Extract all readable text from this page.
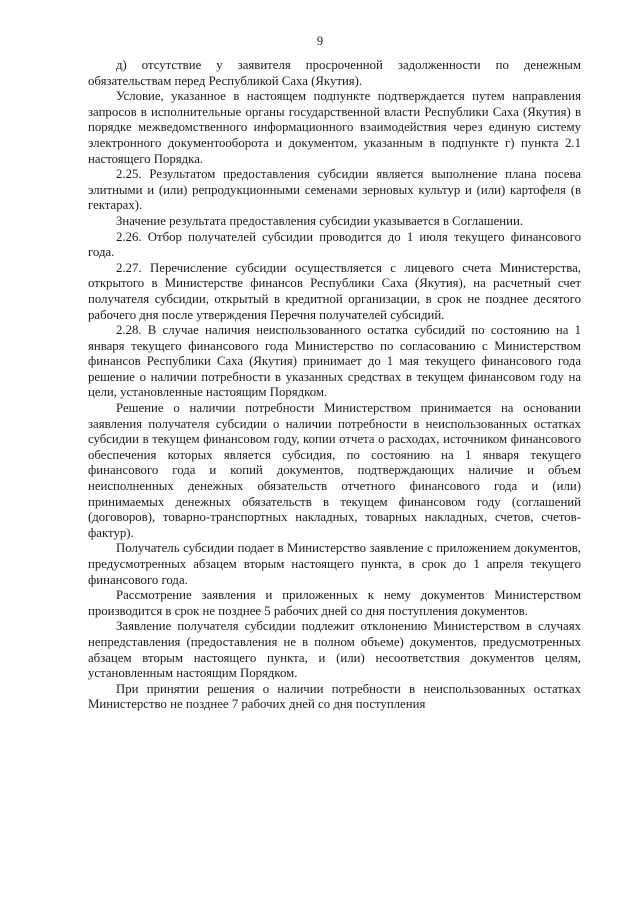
9

д) отсутствие у заявителя просроченной задолженности по денежным обязательствам перед Республикой Саха (Якутия).

Условие, указанное в настоящем подпункте подтверждается путем направления запросов в исполнительные органы государственной власти Республики Саха (Якутия) в порядке межведомственного информационного взаимодействия через единую систему электронного документооборота и документом, указанным в подпункте г) пункта 2.1 настоящего Порядка.

2.25. Результатом предоставления субсидии является выполнение плана посева элитными и (или) репродукционными семенами зерновых культур и (или) картофеля (в гектарах).

Значение результата предоставления субсидии указывается в Соглашении.

2.26. Отбор получателей субсидии проводится до 1 июля текущего финансового года.

2.27. Перечисление субсидии осуществляется с лицевого счета Министерства, открытого в Министерстве финансов Республики Саха (Якутия), на расчетный счет получателя субсидии, открытый в кредитной организации, в срок не позднее десятого рабочего дня после утверждения Перечня получателей субсидий.

2.28. В случае наличия неиспользованного остатка субсидий по состоянию на 1 января текущего финансового года Министерство по согласованию с Министерством финансов Республики Саха (Якутия) принимает до 1 мая текущего финансового года решение о наличии потребности в указанных средствах в текущем финансовом году на цели, установленные настоящим Порядком.

Решение о наличии потребности Министерством принимается на основании заявления получателя субсидии о наличии потребности в неиспользованных остатках субсидии в текущем финансовом году, копии отчета о расходах, источником финансового обеспечения которых является субсидия, по состоянию на 1 января текущего финансового года и копий документов, подтверждающих наличие и объем неисполненных денежных обязательств отчетного финансового года и (или) принимаемых денежных обязательств в текущем финансовом году (соглашений (договоров), товарно-транспортных накладных, товарных накладных, счетов, счетов-фактур).

Получатель субсидии подает в Министерство заявление с приложением документов, предусмотренных абзацем вторым настоящего пункта, в срок до 1 апреля текущего финансового года.

Рассмотрение заявления и приложенных к нему документов Министерством производится в срок не позднее 5 рабочих дней со дня поступления документов.

Заявление получателя субсидии подлежит отклонению Министерством в случаях непредставления (предоставления не в полном объеме) документов, предусмотренных абзацем вторым настоящего пункта, и (или) несоответствия документов целям, установленным настоящим Порядком.

При принятии решения о наличии потребности в неиспользованных остатках Министерство не позднее 7 рабочих дней со дня поступления
